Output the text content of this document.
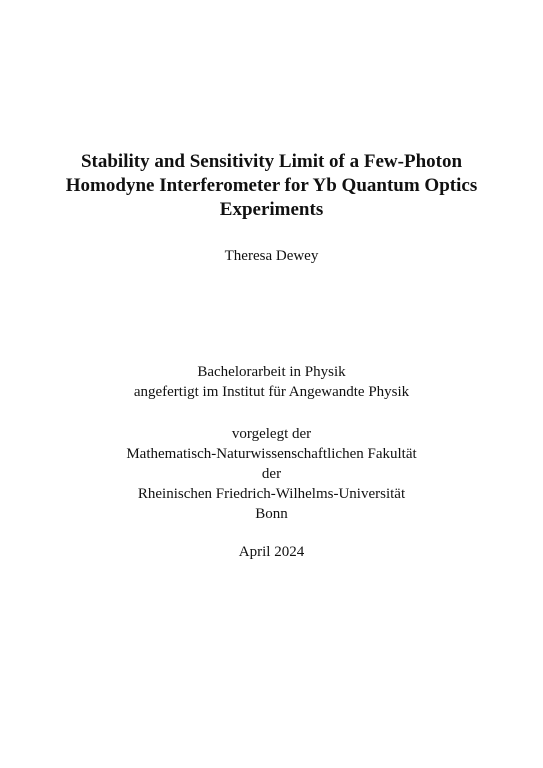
Stability and Sensitivity Limit of a Few-Photon
Homodyne Interferometer for Yb Quantum Optics
Experiments
Theresa Dewey
Bachelorarbeit in Physik
angefertigt im Institut für Angewandte Physik
vorgelegt der
Mathematisch-Naturwissenschaftlichen Fakultät
der
Rheinischen Friedrich-Wilhelms-Universität
Bonn
April 2024
